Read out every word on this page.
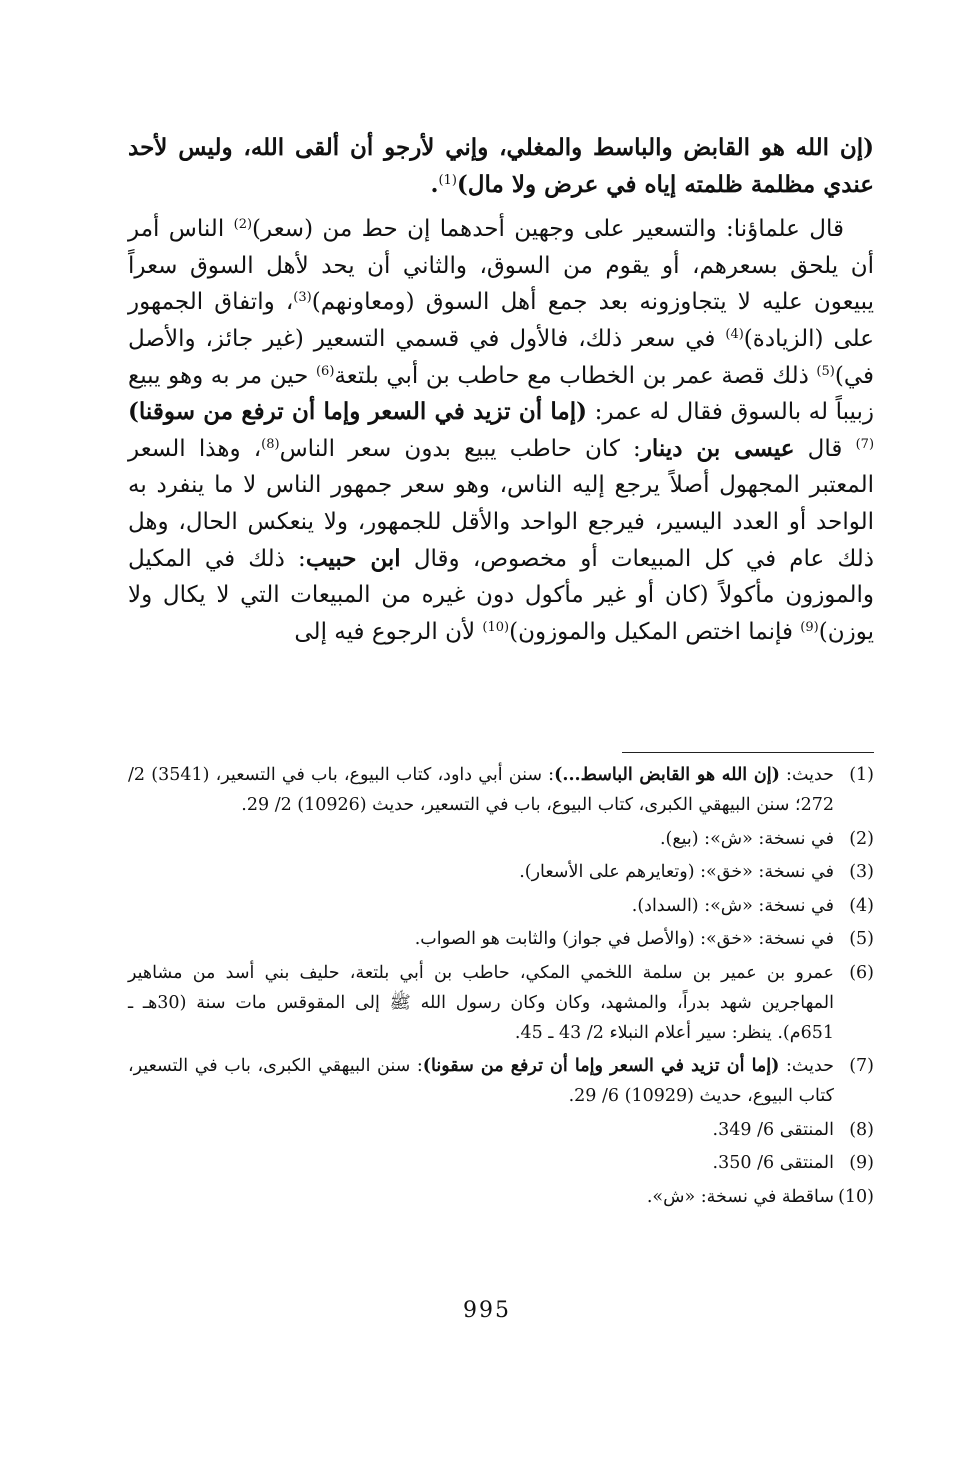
(إن الله هو القابض والباسط والمغلي، وإني لأرجو أن ألقى الله، وليس لأحد عندي مظلمة ظلمته إياه في عرض ولا مال)$^{(1)}$.

قال علماؤنا: والتسعير على وجهين أحدهما إن حط من (سعر)$^{(2)}$ الناس أمر أن يلحق بسعرهم، أو يقوم من السوق، والثاني أن يحد لأهل السوق سعراً يبيعون عليه لا يتجاوزونه بعد جمع أهل السوق (ومعاونهم)$^{(3)}$، واتفاق الجمهور على (الزيادة)$^{(4)}$ في سعر ذلك، فالأول في قسمي التسعير (غير جائز، والأصل في)$^{(5)}$ ذلك قصة عمر بن الخطاب مع حاطب بن أبي بلتعة$^{(6)}$ حين مر به وهو يبيع زبيباً له بالسوق فقال له عمر: (إما أن تزيد في السعر وإما أن ترفع من سوقنا)$^{(7)}$ قال عيسى بن دينار: كان حاطب يبيع بدون سعر الناس$^{(8)}$، وهذا السعر المعتبر المجهول أصلاً يرجع إليه الناس، وهو سعر جمهور الناس لا ما ينفرد به الواحد أو العدد اليسير، فيرجع الواحد والأقل للجمهور، ولا ينعكس الحال، وهل ذلك عام في كل المبيعات أو مخصوص، وقال ابن حبيب: ذلك في المكيل والموزون مأكولاً (كان أو غير مأكول دون غيره من المبيعات التي لا يكال ولا يوزن)$^{(9)}$ فإنما اختص المكيل والموزون)$^{(10)}$ لأن الرجوع فيه إلى

(1)
حديث: (إن الله هو القابض الباسط...): سنن أبي داود، كتاب البيوع، باب في التسعير، (3541) 2/ 272؛ سنن البيهقي الكبرى، كتاب البيوع، باب في التسعير، حديث (10926) 2/ 29.
(2)
في نسخة: «ش»: (بيع).
(3)
في نسخة: «خق»: (وتعايرهم على الأسعار).
(4)
في نسخة: «ش»: (السداد).
(5)
في نسخة: «خق»: (والأصل في جواز) والثابت هو الصواب.
(6)
عمرو بن عمير بن سلمة اللخمي المكي، حاطب بن أبي بلتعة، حليف بني أسد من مشاهير المهاجرين شهد بدراً، والمشهد، وكان وكان رسول الله ﷺ إلى المقوقس مات سنة (30هـ ـ 651م). ينظر: سير أعلام النبلاء 2/ 43 ـ 45.
(7)
حديث: (إما أن تزيد في السعر وإما أن ترفع من سقونا): سنن البيهقي الكبرى، باب في التسعير، كتاب البيوع، حديث (10929) 6/ 29.
(8)
المنتقى 6/ 349.
(9)
المنتقى 6/ 350.
(10)
ساقطة في نسخة: «ش».
995
